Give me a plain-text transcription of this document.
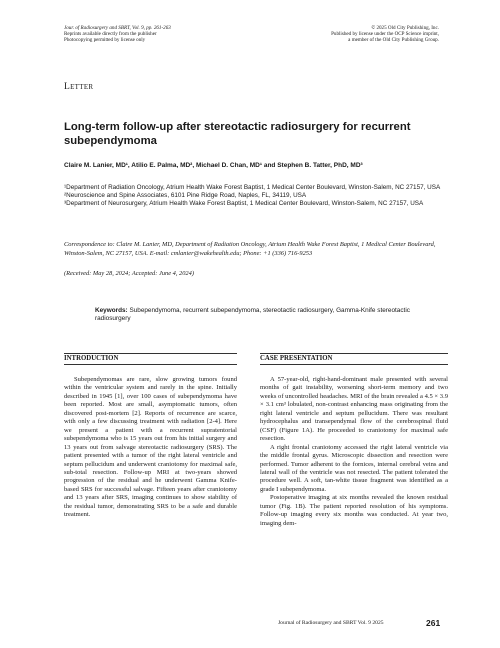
Jour. of Radiosurgery and SBRT, Vol. 9, pp. 261-263
Reprints available directly from the publisher
Photocopying permitted by license only
© 2025 Old City Publishing, Inc.
Published by license under the OCP Science imprint,
a member of the Old City Publishing Group.
Letter
Long-term follow-up after stereotactic radiosurgery for recurrent subependymoma
Claire M. Lanier, MD¹, Atilio E. Palma, MD², Michael D. Chan, MD¹ and Stephen B. Tatter, PhD, MD³

¹Department of Radiation Oncology, Atrium Health Wake Forest Baptist, 1 Medical Center Boulevard, Winston-Salem, NC 27157, USA

²Neuroscience and Spine Associates, 6101 Pine Ridge Road, Naples, FL, 34119, USA

³Department of Neurosurgery, Atrium Health Wake Forest Baptist, 1 Medical Center Boulevard, Winston-Salem, NC 27157, USA

Correspondence to: Claire M. Lanier, MD, Department of Radiation Oncology, Atrium Health Wake Forest Baptist, 1 Medical Center Boulevard, Winston-Salem, NC 27157, USA. E-mail: cmlanier@wakehealth.edu; Phone: +1 (336) 716-9253
(Received: May 28, 2024; Accepted: June 4, 2024)
Keywords: Subependymoma, recurrent subependymoma, stereotactic radiosurgery, Gamma-Knife stereotactic radiosurgery
INTRODUCTION	CASE PRESENTATION

Subependymomas are rare, slow growing tumors found within the ventricular system and rarely in the spine. Initially described in 1945 [1], over 100 cases of subependymoma have been reported. Most are small, asymptomatic tumors, often discovered post-mortem [2]. Reports of recurrence are scarce, with only a few discussing treatment with radiation [2-4]. Here we present a patient with a recurrent supratentorial subependymoma who is 15 years out from his initial surgery and 13 years out from salvage stereotactic radiosurgery (SRS). The patient presented with a tumor of the right lateral ventricle and septum pellucidum and underwent craniotomy for maximal safe, sub-total resection. Follow-up MRI at two-years showed progression of the residual and he underwent Gamma Knife-based SRS for successful salvage. Fifteen years after craniotomy and 13 years after SRS, imaging continues to show stability of the residual tumor, demonstrating SRS to be a safe and durable treatment.

A 57-year-old, right-hand-dominant male presented with several months of gait instability, worsening short-term memory and two weeks of uncontrolled headaches. MRI of the brain revealed a 4.5 × 3.9 × 3.1 cm³ lobulated, non-contrast enhancing mass originating from the right lateral ventricle and septum pellucidum. There was resultant hydrocephalus and transependymal flow of the cerebrospinal fluid (CSF) (Figure 1A). He proceeded to craniotomy for maximal safe resection.

A right frontal craniotomy accessed the right lateral ventricle via the middle frontal gyrus. Microscopic dissection and resection were performed. Tumor adherent to the fornices, internal cerebral veins and lateral wall of the ventricle was not resected. The patient tolerated the procedure well. A soft, tan-white tissue fragment was identified as a grade I subependymoma.

Postoperative imaging at six months revealed the known residual tumor (Fig. 1B). The patient reported resolution of his symptoms. Follow-up imaging every six months was conducted. At year two, imaging dem-

Journal of Radiosurgery and SBRT Vol. 9 2025	261
